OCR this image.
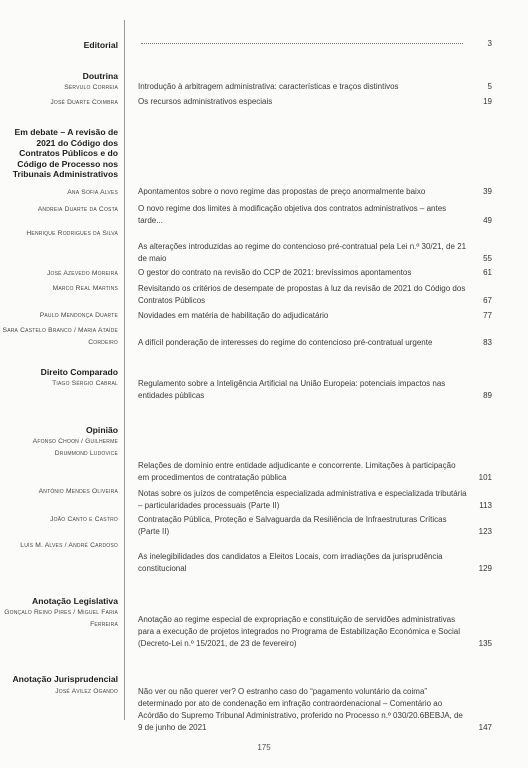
Editorial
Doutrina
Em debate – A revisão de 2021 do Código dos Contratos Públicos e do Código de Processo nos Tribunais Administrativos
Direito Comparado
Opinião
Anotação Legislativa
Anotação Jurisprudencial
Sérvulo Correia
José Duarte Coimbra
Ana Sofia Alves
Andreia Duarte da Costa
Henrique Rodrigues da Silva
José Azevedo Moreira
Marco Real Martins
Paulo Mendonça Duarte
Sara Castelo Branco / Maria Ataíde Cordeiro
Tiago Sérgio Cabral
Afonso Choon / Guilherme Drummond Ludovice
António Mendes Oliveira
João Canto e Castro
Luís M. Alves / André Cardoso
Gonçalo Reino Pires / Miguel Faria Ferreira
José Avilez Ogando
Introdução à arbitragem administrativa: características e traços distintivos
Os recursos administrativos especiais
Apontamentos sobre o novo regime das propostas de preço anormalmente baixo
O novo regime dos limites à modificação objetiva dos contratos administrativos – antes tarde...
As alterações introduzidas ao regime do contencioso pré-contratual pela Lei n.º 30/21, de 21 de maio
O gestor do contrato na revisão do CCP de 2021: brevíssimos apontamentos
Revisitando os critérios de desempate de propostas à luz da revisão de 2021 do Código dos Contratos Públicos
Novidades em matéria de habilitação do adjudicatário
A difícil ponderação de interesses do regime do contencioso pré-contratual urgente
Regulamento sobre a Inteligência Artificial na União Europeia: potenciais impactos nas entidades públicas
Relações de domínio entre entidade adjudicante e concorrente. Limitações à participação em procedimentos de contratação pública
Notas sobre os juízos de competência especializada administrativa e especializada tributária – particularidades processuais (Parte II)
Contratação Pública, Proteção e Salvaguarda da Resiliência de Infraestruturas Críticas (Parte II)
As inelegibilidades dos candidatos a Eleitos Locais, com irradiações da jurisprudência constitucional
Anotação ao regime especial de expropriação e constituição de servidões administrativas para a execução de projetos integrados no Programa de Estabilização Económica e Social (Decreto-Lei n.º 15/2021, de 23 de fevereiro)
Não ver ou não querer ver? O estranho caso do “pagamento voluntário da coima” determinado por ato de condenação em infração contraordenacional – Comentário ao Acórdão do Supremo Tribunal Administrativo, proferido no Processo n.º 030/20.6BEBJA, de 9 de junho de 2021
3
5
19
39
49
55
61
67
77
83
89
101
113
123
129
135
147
175
